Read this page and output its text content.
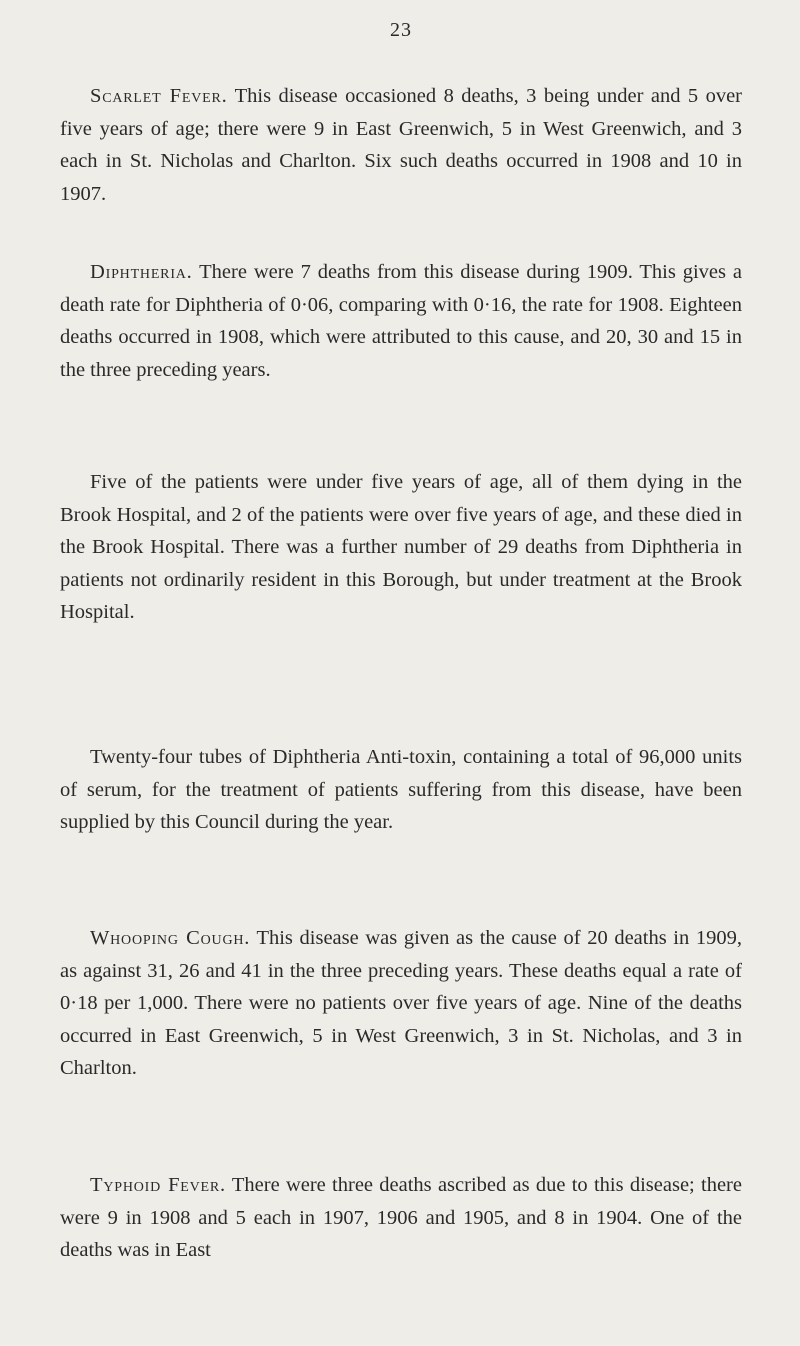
23

Scarlet Fever. This disease occasioned 8 deaths, 3 being under and 5 over five years of age; there were 9 in East Greenwich, 5 in West Greenwich, and 3 each in St. Nicholas and Charlton. Six such deaths occurred in 1908 and 10 in 1907.

Diphtheria. There were 7 deaths from this disease during 1909. This gives a death rate for Diphtheria of 0·06, comparing with 0·16, the rate for 1908. Eighteen deaths occurred in 1908, which were attributed to this cause, and 20, 30 and 15 in the three preceding years.

Five of the patients were under five years of age, all of them dying in the Brook Hospital, and 2 of the patients were over five years of age, and these died in the Brook Hospital. There was a further number of 29 deaths from Diphtheria in patients not ordinarily resident in this Borough, but under treatment at the Brook Hospital.

Twenty-four tubes of Diphtheria Anti-toxin, containing a total of 96,000 units of serum, for the treatment of patients suffering from this disease, have been supplied by this Council during the year.

Whooping Cough. This disease was given as the cause of 20 deaths in 1909, as against 31, 26 and 41 in the three preceding years. These deaths equal a rate of 0·18 per 1,000. There were no patients over five years of age. Nine of the deaths occurred in East Greenwich, 5 in West Greenwich, 3 in St. Nicholas, and 3 in Charlton.

Typhoid Fever. There were three deaths ascribed as due to this disease; there were 9 in 1908 and 5 each in 1907, 1906 and 1905, and 8 in 1904. One of the deaths was in East
